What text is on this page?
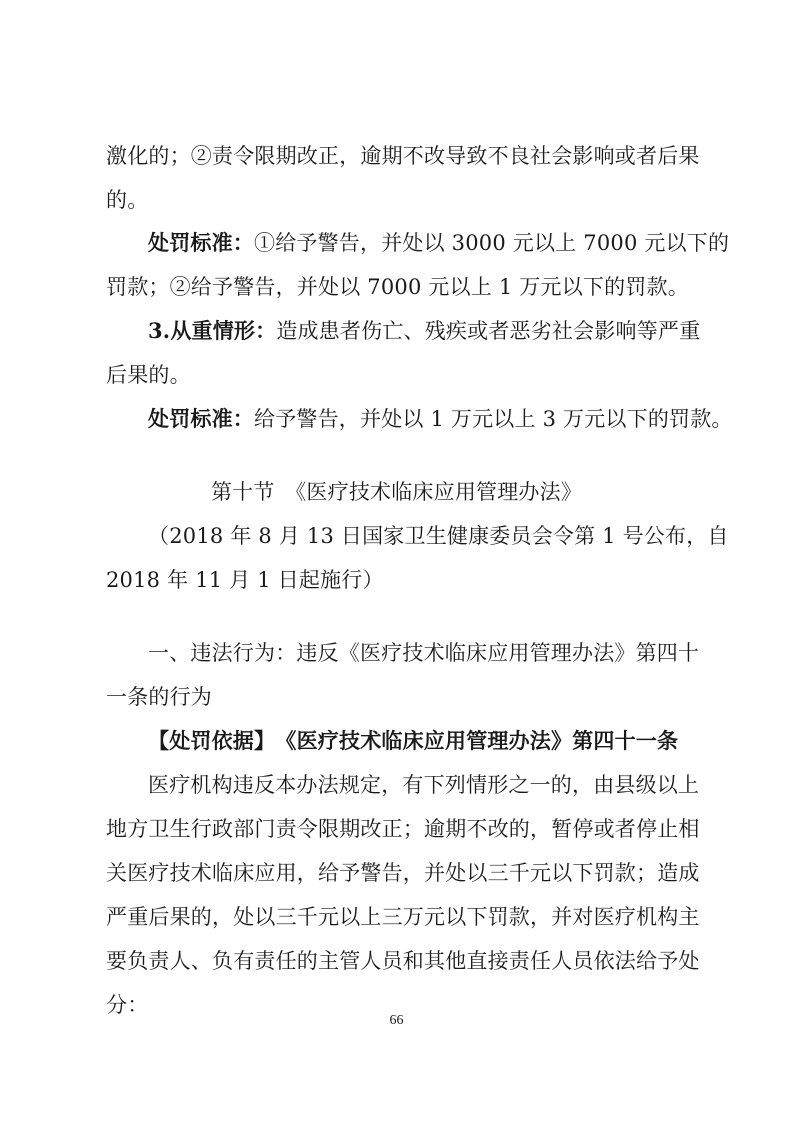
激化的；②责令限期改正，逾期不改导致不良社会影响或者后果
的。
处罚标准：①给予警告，并处以 3000 元以上 7000 元以下的
罚款；②给予警告，并处以 7000 元以上 1 万元以下的罚款。
3.从重情形：造成患者伤亡、残疾或者恶劣社会影响等严重
后果的。
处罚标准：给予警告，并处以 1 万元以上 3 万元以下的罚款。
第十节　《医疗技术临床应用管理办法》
（2018 年 8 月 13 日国家卫生健康委员会令第 1 号公布，自
2018 年 11 月 1 日起施行）
一、违法行为：违反《医疗技术临床应用管理办法》第四十
一条的行为
【处罚依据】　《医疗技术临床应用管理办法》第四十一条
医疗机构违反本办法规定，有下列情形之一的，由县级以上
地方卫生行政部门责令限期改正；逾期不改的，暂停或者停止相
关医疗技术临床应用，给予警告，并处以三千元以下罚款；造成
严重后果的，处以三千元以上三万元以下罚款，并对医疗机构主
要负责人、负有责任的主管人员和其他直接责任人员依法给予处
分：
66
